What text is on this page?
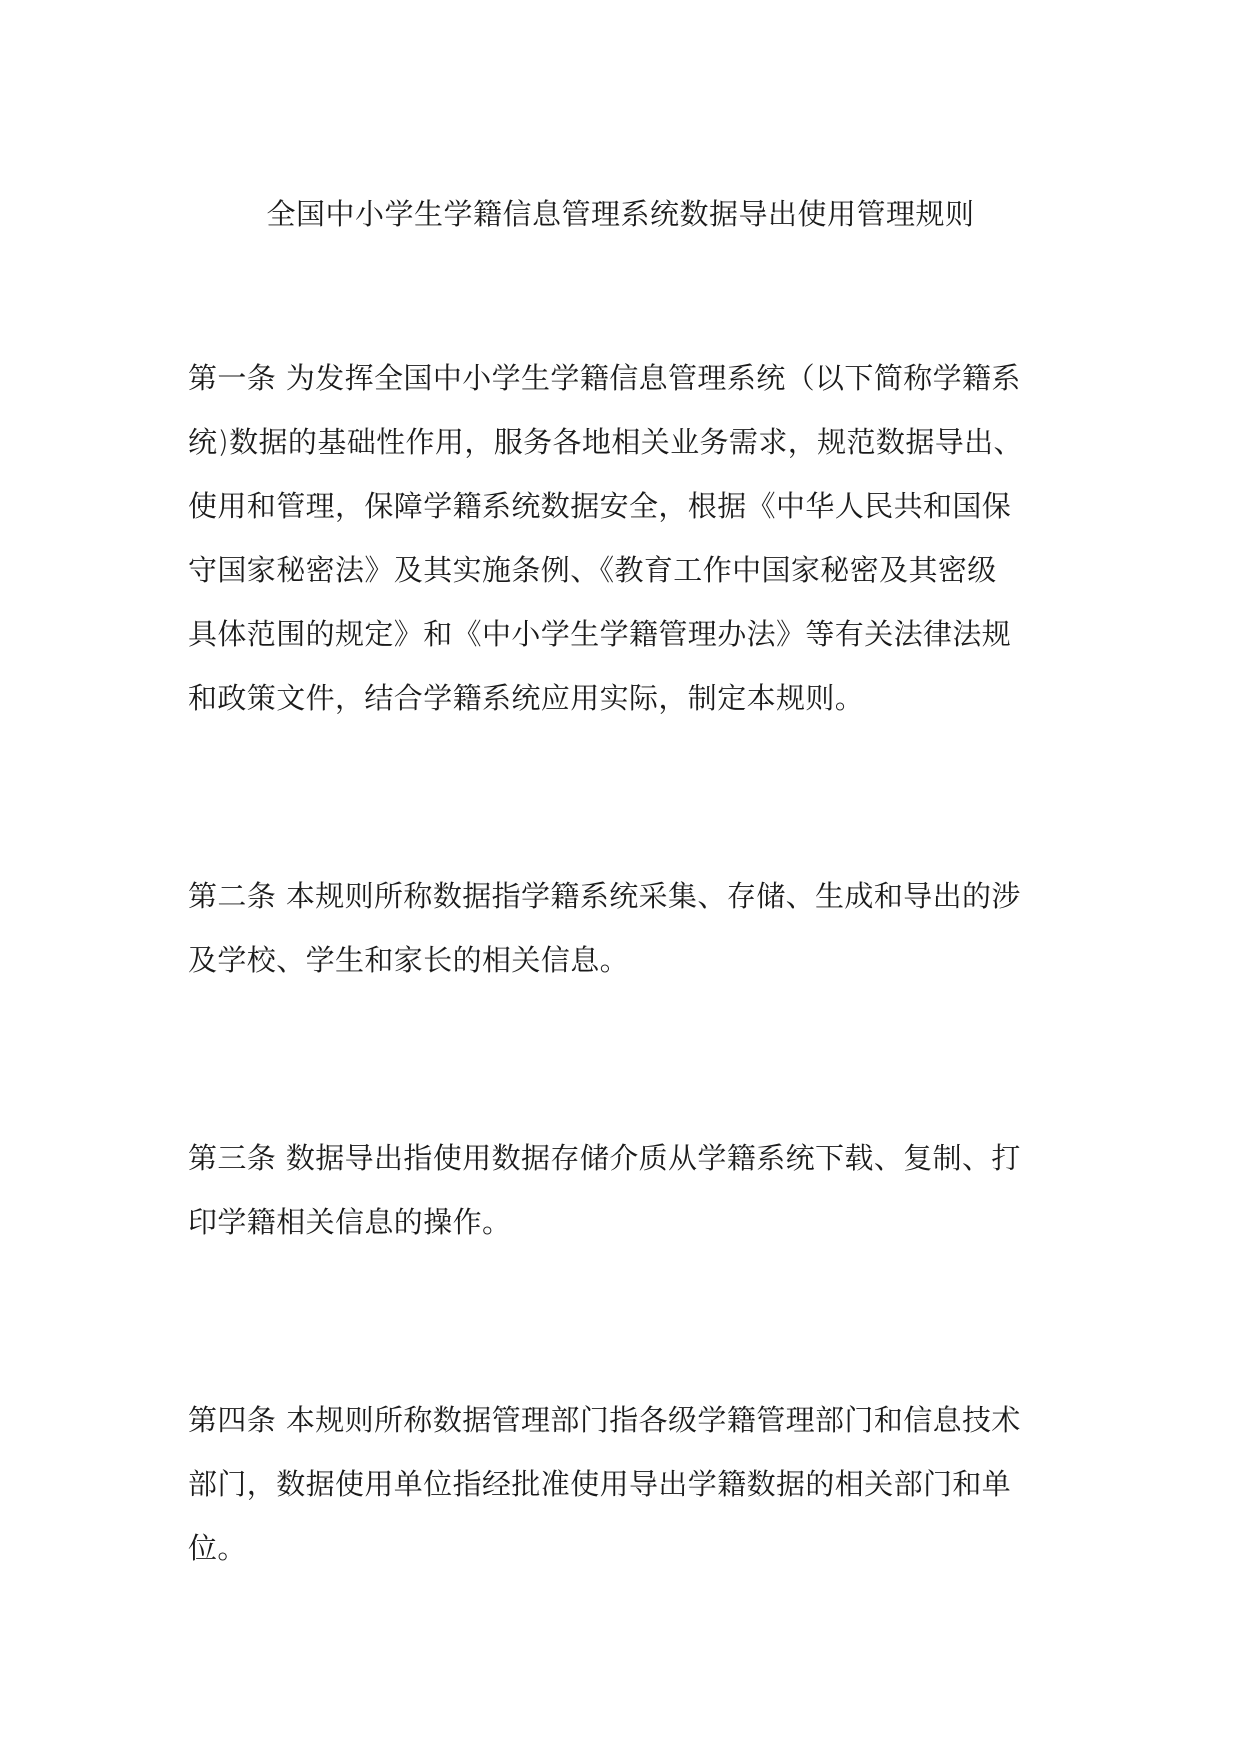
全国中小学生学籍信息管理系统数据导出使用管理规则
第一条 为发挥全国中小学生学籍信息管理系统（以下简称学籍系
统)数据的基础性作用，服务各地相关业务需求，规范数据导出、
使用和管理，保障学籍系统数据安全，根据《中华人民共和国保
守国家秘密法》及其实施条例、《教育工作中国家秘密及其密级
具体范围的规定》和《中小学生学籍管理办法》等有关法律法规
和政策文件，结合学籍系统应用实际，制定本规则。
第二条 本规则所称数据指学籍系统采集、存储、生成和导出的涉
及学校、学生和家长的相关信息。
第三条 数据导出指使用数据存储介质从学籍系统下载、复制、打
印学籍相关信息的操作。
第四条 本规则所称数据管理部门指各级学籍管理部门和信息技术
部门，数据使用单位指经批准使用导出学籍数据的相关部门和单
位。
